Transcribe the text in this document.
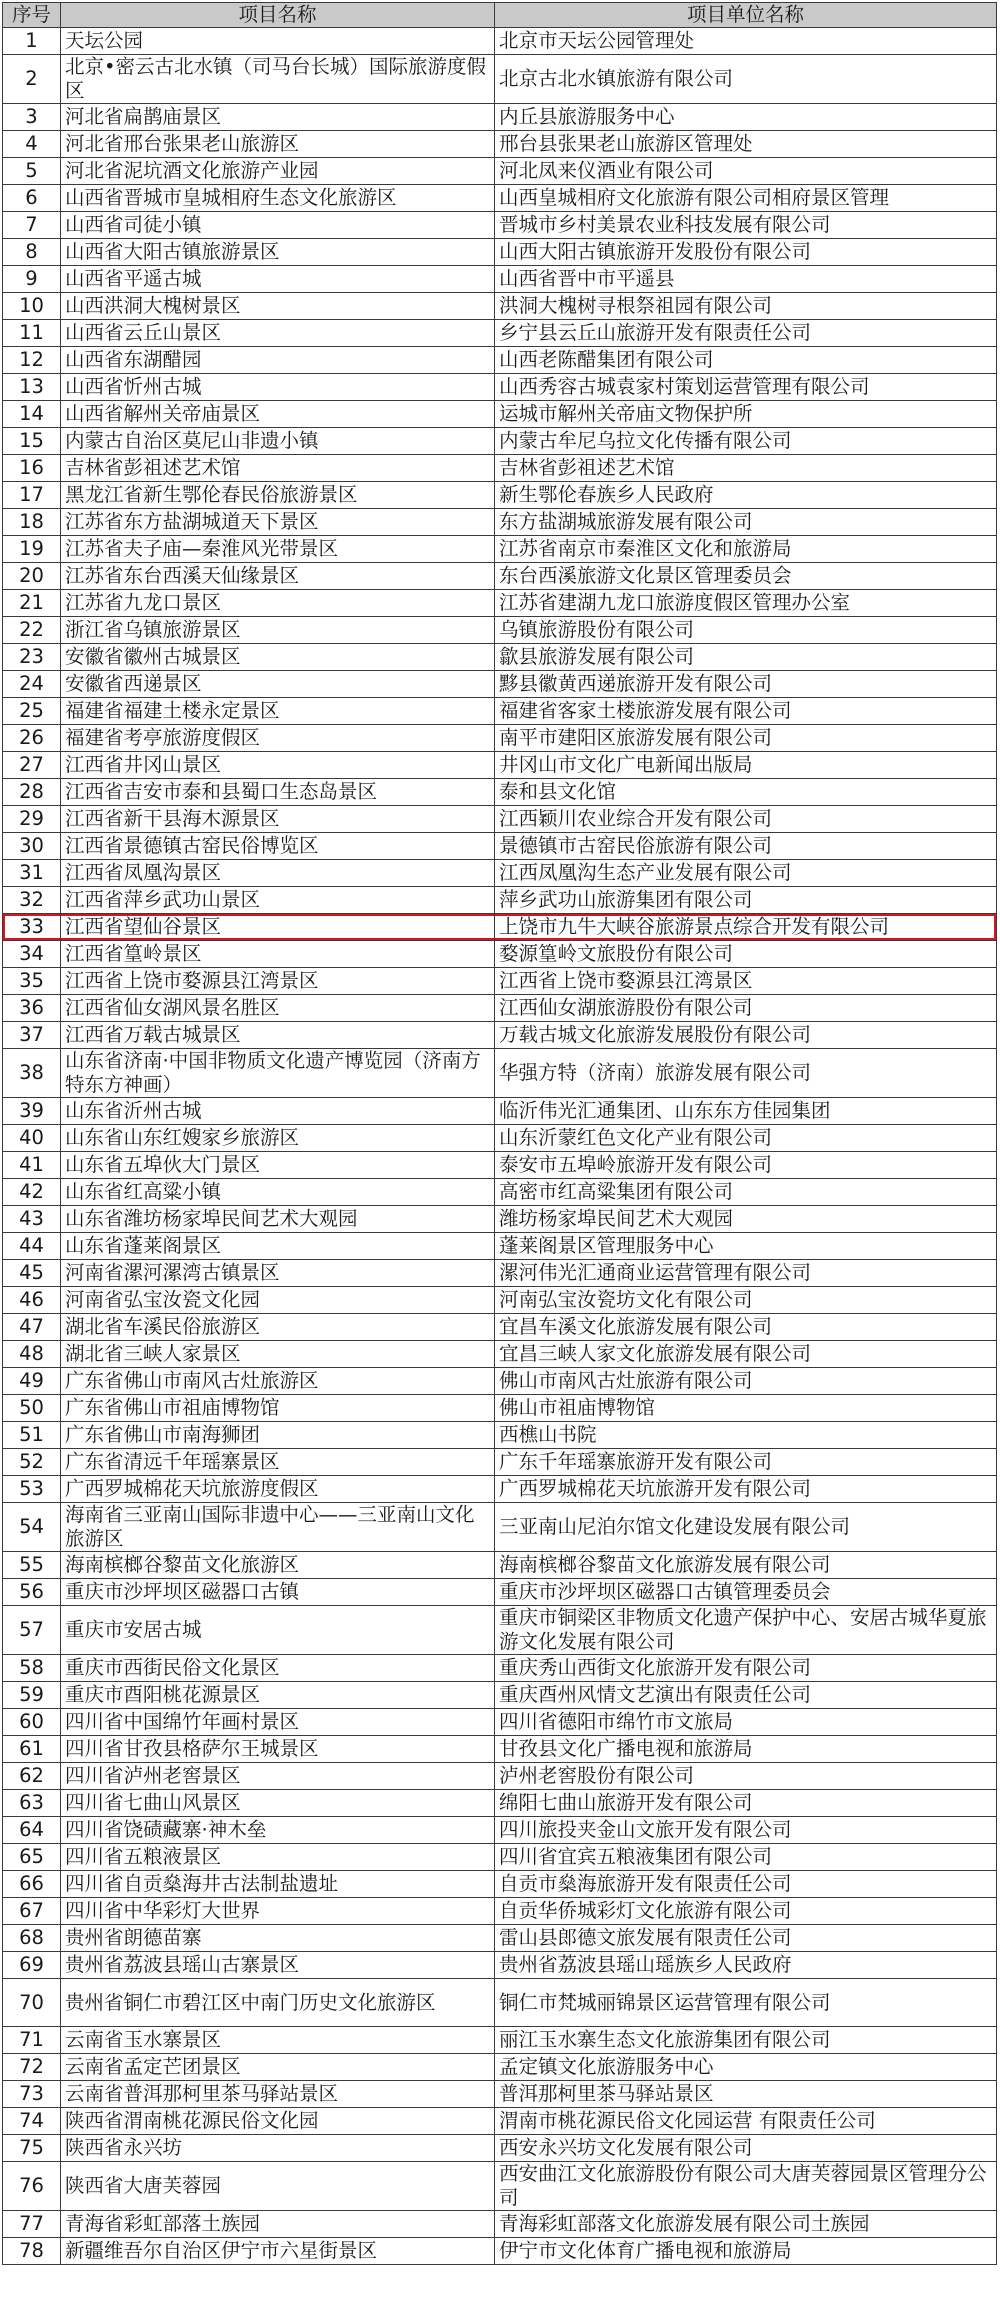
序号	项目名称	项目单位名称
1	天坛公园	北京市天坛公园管理处
2	北京•密云古北水镇（司马台长城）国际旅游度假区	北京古北水镇旅游有限公司
3	河北省扁鹊庙景区	内丘县旅游服务中心
4	河北省邢台张果老山旅游区	邢台县张果老山旅游区管理处
5	河北省泥坑酒文化旅游产业园	河北凤来仪酒业有限公司
6	山西省晋城市皇城相府生态文化旅游区	山西皇城相府文化旅游有限公司相府景区管理
7	山西省司徒小镇	晋城市乡村美景农业科技发展有限公司
8	山西省大阳古镇旅游景区	山西大阳古镇旅游开发股份有限公司
9	山西省平遥古城	山西省晋中市平遥县
10	山西洪洞大槐树景区	洪洞大槐树寻根祭祖园有限公司
11	山西省云丘山景区	乡宁县云丘山旅游开发有限责任公司
12	山西省东湖醋园	山西老陈醋集团有限公司
13	山西省忻州古城	山西秀容古城袁家村策划运营管理有限公司
14	山西省解州关帝庙景区	运城市解州关帝庙文物保护所
15	内蒙古自治区莫尼山非遗小镇	内蒙古牟尼乌拉文化传播有限公司
16	吉林省彭祖述艺术馆	吉林省彭祖述艺术馆
17	黑龙江省新生鄂伦春民俗旅游景区	新生鄂伦春族乡人民政府
18	江苏省东方盐湖城道天下景区	东方盐湖城旅游发展有限公司
19	江苏省夫子庙—秦淮风光带景区	江苏省南京市秦淮区文化和旅游局
20	江苏省东台西溪天仙缘景区	东台西溪旅游文化景区管理委员会
21	江苏省九龙口景区	江苏省建湖九龙口旅游度假区管理办公室
22	浙江省乌镇旅游景区	乌镇旅游股份有限公司
23	安徽省徽州古城景区	歙县旅游发展有限公司
24	安徽省西递景区	黟县徽黄西递旅游开发有限公司
25	福建省福建土楼永定景区	福建省客家土楼旅游发展有限公司
26	福建省考亭旅游度假区	南平市建阳区旅游发展有限公司
27	江西省井冈山景区	井冈山市文化广电新闻出版局
28	江西省吉安市泰和县蜀口生态岛景区	泰和县文化馆
29	江西省新干县海木源景区	江西颖川农业综合开发有限公司
30	江西省景德镇古窑民俗博览区	景德镇市古窑民俗旅游有限公司
31	江西省凤凰沟景区	江西凤凰沟生态产业发展有限公司
32	江西省萍乡武功山景区	萍乡武功山旅游集团有限公司
33	江西省望仙谷景区	上饶市九牛大峡谷旅游景点综合开发有限公司
34	江西省篁岭景区	婺源篁岭文旅股份有限公司
35	江西省上饶市婺源县江湾景区	江西省上饶市婺源县江湾景区
36	江西省仙女湖风景名胜区	江西仙女湖旅游股份有限公司
37	江西省万载古城景区	万载古城文化旅游发展股份有限公司
38	山东省济南·中国非物质文化遗产博览园（济南方特东方神画）	华强方特（济南）旅游发展有限公司
39	山东省沂州古城	临沂伟光汇通集团、山东东方佳园集团
40	山东省山东红嫂家乡旅游区	山东沂蒙红色文化产业有限公司
41	山东省五埠伙大门景区	泰安市五埠岭旅游开发有限公司
42	山东省红高粱小镇	高密市红高粱集团有限公司
43	山东省潍坊杨家埠民间艺术大观园	潍坊杨家埠民间艺术大观园
44	山东省蓬莱阁景区	蓬莱阁景区管理服务中心
45	河南省漯河漯湾古镇景区	漯河伟光汇通商业运营管理有限公司
46	河南省弘宝汝瓷文化园	河南弘宝汝瓷坊文化有限公司
47	湖北省车溪民俗旅游区	宜昌车溪文化旅游发展有限公司
48	湖北省三峡人家景区	宜昌三峡人家文化旅游发展有限公司
49	广东省佛山市南风古灶旅游区	佛山市南风古灶旅游有限公司
50	广东省佛山市祖庙博物馆	佛山市祖庙博物馆
51	广东省佛山市南海狮团	西樵山书院
52	广东省清远千年瑶寨景区	广东千年瑶寨旅游开发有限公司
53	广西罗城棉花天坑旅游度假区	广西罗城棉花天坑旅游开发有限公司
54	海南省三亚南山国际非遗中心——三亚南山文化旅游区	三亚南山尼泊尔馆文化建设发展有限公司
55	海南槟榔谷黎苗文化旅游区	海南槟榔谷黎苗文化旅游发展有限公司
56	重庆市沙坪坝区磁器口古镇	重庆市沙坪坝区磁器口古镇管理委员会
57	重庆市安居古城	重庆市铜梁区非物质文化遗产保护中心、安居古城华夏旅游文化发展有限公司
58	重庆市西街民俗文化景区	重庆秀山西街文化旅游开发有限公司
59	重庆市酉阳桃花源景区	重庆酉州风情文艺演出有限责任公司
60	四川省中国绵竹年画村景区	四川省德阳市绵竹市文旅局
61	四川省甘孜县格萨尔王城景区	甘孜县文化广播电视和旅游局
62	四川省泸州老窖景区	泸州老窖股份有限公司
63	四川省七曲山风景区	绵阳七曲山旅游开发有限公司
64	四川省饶碛藏寨·神木垒	四川旅投夹金山文旅开发有限公司
65	四川省五粮液景区	四川省宜宾五粮液集团有限公司
66	四川省自贡燊海井古法制盐遗址	自贡市燊海旅游开发有限责任公司
67	四川省中华彩灯大世界	自贡华侨城彩灯文化旅游有限公司
68	贵州省朗德苗寨	雷山县郎德文旅发展有限责任公司
69	贵州省荔波县瑶山古寨景区	贵州省荔波县瑶山瑶族乡人民政府
70	贵州省铜仁市碧江区中南门历史文化旅游区	铜仁市梵城丽锦景区运营管理有限公司
71	云南省玉水寨景区	丽江玉水寨生态文化旅游集团有限公司
72	云南省孟定芒团景区	孟定镇文化旅游服务中心
73	云南省普洱那柯里茶马驿站景区	普洱那柯里茶马驿站景区
74	陕西省渭南桃花源民俗文化园	渭南市桃花源民俗文化园运营 有限责任公司
75	陕西省永兴坊	西安永兴坊文化发展有限公司
76	陕西省大唐芙蓉园	西安曲江文化旅游股份有限公司大唐芙蓉园景区管理分公司
77	青海省彩虹部落土族园	青海彩虹部落文化旅游发展有限公司土族园
78	新疆维吾尔自治区伊宁市六星街景区	伊宁市文化体育广播电视和旅游局
